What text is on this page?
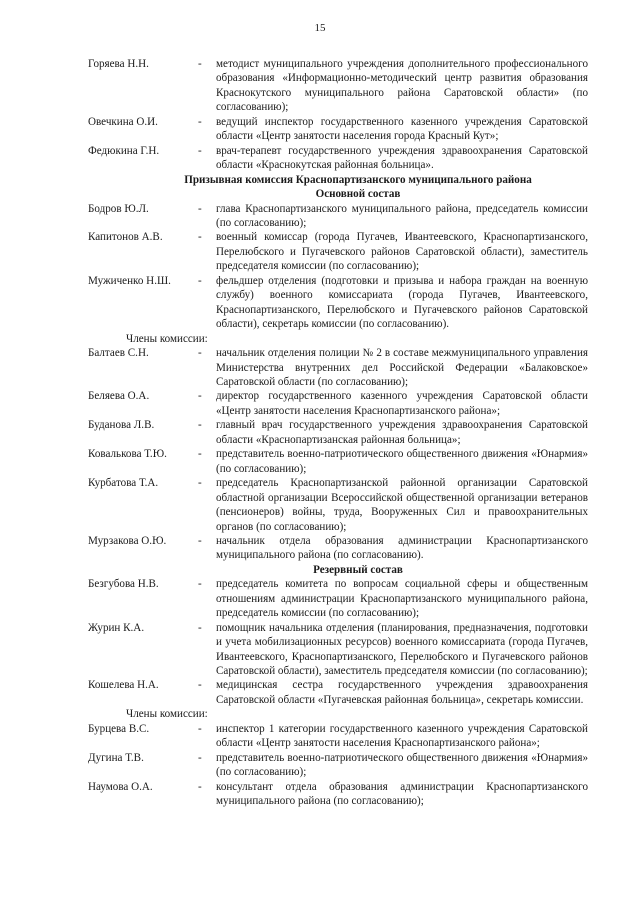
15
Горяева Н.Н.	-	методист муниципального учреждения дополнительного профессионального образования «Информационно-методический центр развития образования Краснокутского муниципального района Саратовской области» (по согласованию);
Овечкина О.И.	-	ведущий инспектор государственного казенного учреждения Саратовской области «Центр занятости населения города Красный Кут»;
Федюкина Г.Н.	-	врач-терапевт государственного учреждения здравоохранения Саратовской области «Краснокутская районная больница».
Призывная комиссия Краснопартизанского муниципального района
Основной состав
Бодров Ю.Л.	-	глава Краснопартизанского муниципального района, председатель комиссии (по согласованию);
Капитонов А.В.	-	военный комиссар (города Пугачев, Ивантеевского, Краснопартизанского, Перелюбского и Пугачевского районов Саратовской области), заместитель председателя комиссии (по согласованию);
Мужиченко Н.Ш.	-	фельдшер отделения (подготовки и призыва и набора граждан на военную службу) военного комиссариата (города Пугачев, Ивантеевского, Краснопартизанского, Перелюбского и Пугачевского районов Саратовской области), секретарь комиссии (по согласованию).
Члены комиссии:
Балтаев С.Н.	-	начальник отделения полиции № 2 в составе межмуниципального управления Министерства внутренних дел Российской Федерации «Балаковское» Саратовской области (по согласованию);
Беляева О.А.	-	директор государственного казенного учреждения Саратовской области «Центр занятости населения Краснопартизанского района»;
Буданова Л.В.	-	главный врач государственного учреждения здравоохранения Саратовской области «Краснопартизанская районная больница»;
Ковалькова Т.Ю.	-	представитель военно-патриотического общественного движения «Юнармия» (по согласованию);
Курбатова Т.А.	-	председатель Краснопартизанской районной организации Саратовской областной организации Всероссийской общественной организации ветеранов (пенсионеров) войны, труда, Вооруженных Сил и правоохранительных органов (по согласованию);
Мурзакова О.Ю.	-	начальник отдела образования администрации Краснопартизанского муниципального района (по согласованию).
Резервный состав
Безгубова Н.В.	-	председатель комитета по вопросам социальной сферы и общественным отношениям администрации Краснопартизанского муниципального района, председатель комиссии (по согласованию);
Журин К.А.	-	помощник начальника отделения (планирования, предназначения, подготовки и учета мобилизационных ресурсов) военного комиссариата (города Пугачев, Ивантеевского, Краснопартизанского, Перелюбского и Пугачевского районов Саратовской области), заместитель председателя комиссии (по согласованию);
Кошелева Н.А.	-	медицинская сестра государственного учреждения здравоохранения Саратовской области «Пугачевская районная больница», секретарь комиссии.
Члены комиссии:
Бурцева В.С.	-	инспектор 1 категории государственного казенного учреждения Саратовской области «Центр занятости населения Краснопартизанского района»;
Дугина Т.В.	-	представитель военно-патриотического общественного движения «Юнармия» (по согласованию);
Наумова О.А.	-	консультант отдела образования администрации Краснопартизанского муниципального района (по согласованию);
